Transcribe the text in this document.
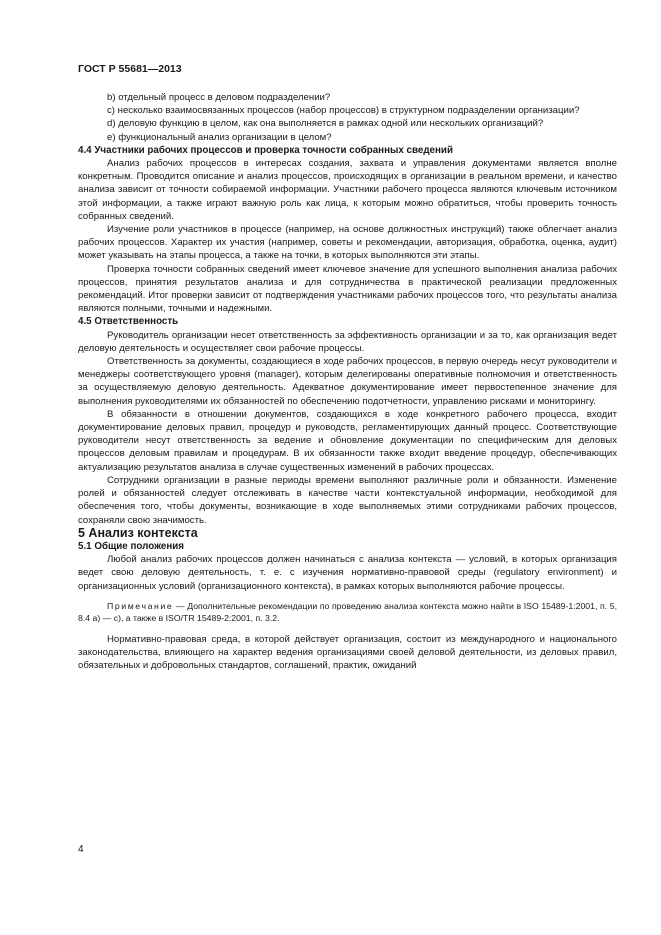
ГОСТ Р 55681—2013

b) отдельный процесс в деловом подразделении?

c) несколько взаимосвязанных процессов (набор процессов) в структурном подразделении организации?

d) деловую функцию в целом, как она выполняется в рамках одной или нескольких организаций?

e) функциональный анализ организации в целом?

4.4 Участники рабочих процессов и проверка точности собранных сведений

Анализ рабочих процессов в интересах создания, захвата и управления документами является вполне конкретным. Проводится описание и анализ процессов, происходящих в организации в реальном времени, и качество анализа зависит от точности собираемой информации. Участники рабочего процесса являются ключевым источником этой информации, а также играют важную роль как лица, к которым можно обратиться, чтобы проверить точность собранных сведений.

Изучение роли участников в процессе (например, на основе должностных инструкций) также облегчает анализ рабочих процессов. Характер их участия (например, советы и рекомендации, авторизация, обработка, оценка, аудит) может указывать на этапы процесса, а также на точки, в которых выполняются эти этапы.

Проверка точности собранных сведений имеет ключевое значение для успешного выполнения анализа рабочих процессов, принятия результатов анализа и для сотрудничества в практической реализации предложенных рекомендаций. Итог проверки зависит от подтверждения участниками рабочих процессов того, что результаты анализа являются полными, точными и надежными.

4.5 Ответственность

Руководитель организации несет ответственность за эффективность организации и за то, как организация ведет деловую деятельность и осуществляет свои рабочие процессы.

Ответственность за документы, создающиеся в ходе рабочих процессов, в первую очередь несут руководители и менеджеры соответствующего уровня (manager), которым делегированы оперативные полномочия и ответственность за осуществляемую деловую деятельность. Адекватное документирование имеет первостепенное значение для выполнения руководителями их обязанностей по обеспечению подотчетности, управлению рисками и мониторингу.

В обязанности в отношении документов, создающихся в ходе конкретного рабочего процесса, входит документирование деловых правил, процедур и руководств, регламентирующих данный процесс. Соответствующие руководители несут ответственность за ведение и обновление документации по специфическим для деловых процессов деловым правилам и процедурам. В их обязанности также входит введение процедур, обеспечивающих актуализацию результатов анализа в случае существенных изменений в рабочих процессах.

Сотрудники организации в разные периоды времени выполняют различные роли и обязанности. Изменение ролей и обязанностей следует отслеживать в качестве части контекстуальной информации, необходимой для обеспечения того, чтобы документы, возникающие в ходе выполняемых этими сотрудниками рабочих процессов, сохраняли свою значимость.

5 Анализ контекста

5.1 Общие положения

Любой анализ рабочих процессов должен начинаться с анализа контекста — условий, в которых организация ведет свою деловую деятельность, т. е. с изучения нормативно-правовой среды (regulatory environment) и организационных условий (организационного контекста), в рамках которых выполняются рабочие процессы.

Примечание — Дополнительные рекомендации по проведению анализа контекста можно найти в ISO 15489-1:2001, п. 5, 8.4 a) — c), а также в ISO/TR 15489-2:2001, п. 3.2.

Нормативно-правовая среда, в которой действует организация, состоит из международного и национального законодательства, влияющего на характер ведения организациями своей деловой деятельности, из деловых правил, обязательных и добровольных стандартов, соглашений, практик, ожиданий

4
